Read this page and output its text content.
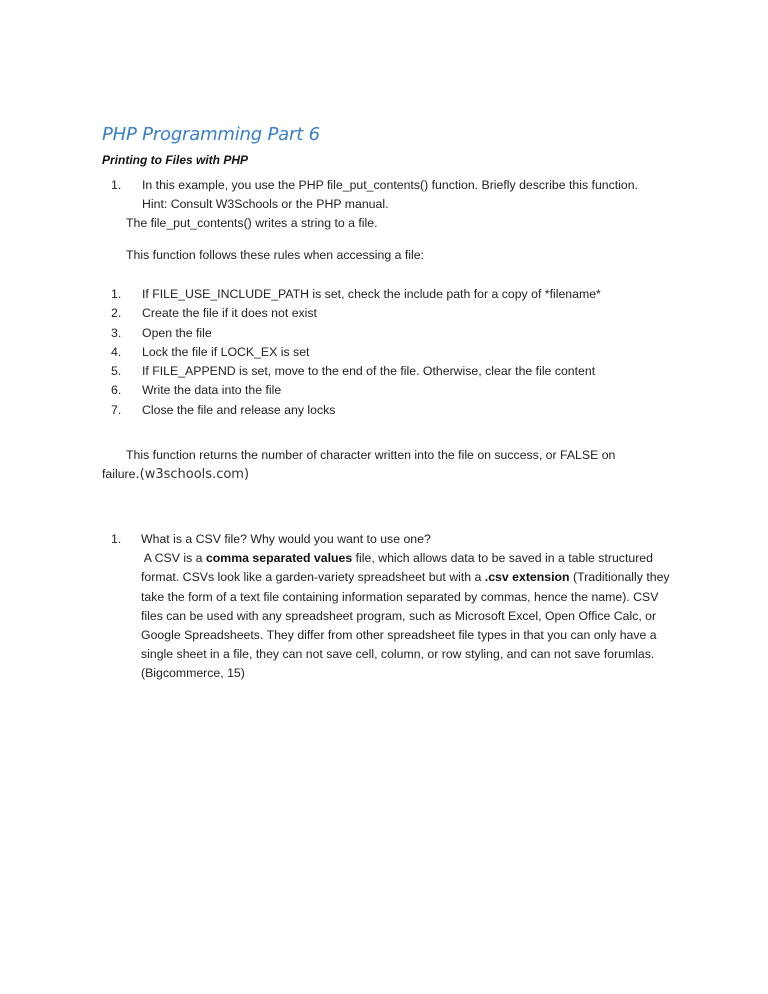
PHP Programming Part 6
Printing to Files with PHP
1.	In this example, you use the PHP file_put_contents() function. Briefly describe this function.
Hint: Consult W3Schools or the PHP manual.
The file_put_contents() writes a string to a file.
This function follows these rules when accessing a file:
1.	If FILE_USE_INCLUDE_PATH is set, check the include path for a copy of *filename*
2.	Create the file if it does not exist
3.	Open the file
4.	Lock the file if LOCK_EX is set
5.	If FILE_APPEND is set, move to the end of the file. Otherwise, clear the file content
6.	Write the data into the file
7.	Close the file and release any locks
This function returns the number of character written into the file on success, or FALSE on
failure.(w3schools.com)
1. What is a CSV file? Why would you want to use one?
A CSV is a comma separated values file, which allows data to be saved in a table structured
format. CSVs look like a garden-variety spreadsheet but with a .csv extension (Traditionally they
take the form of a text file containing information separated by commas, hence the name). CSV
files can be used with any spreadsheet program, such as Microsoft Excel, Open Office Calc, or
Google Spreadsheets. They differ from other spreadsheet file types in that you can only have a
single sheet in a file, they can not save cell, column, or row styling, and can not save forumlas.
(Bigcommerce, 15)
